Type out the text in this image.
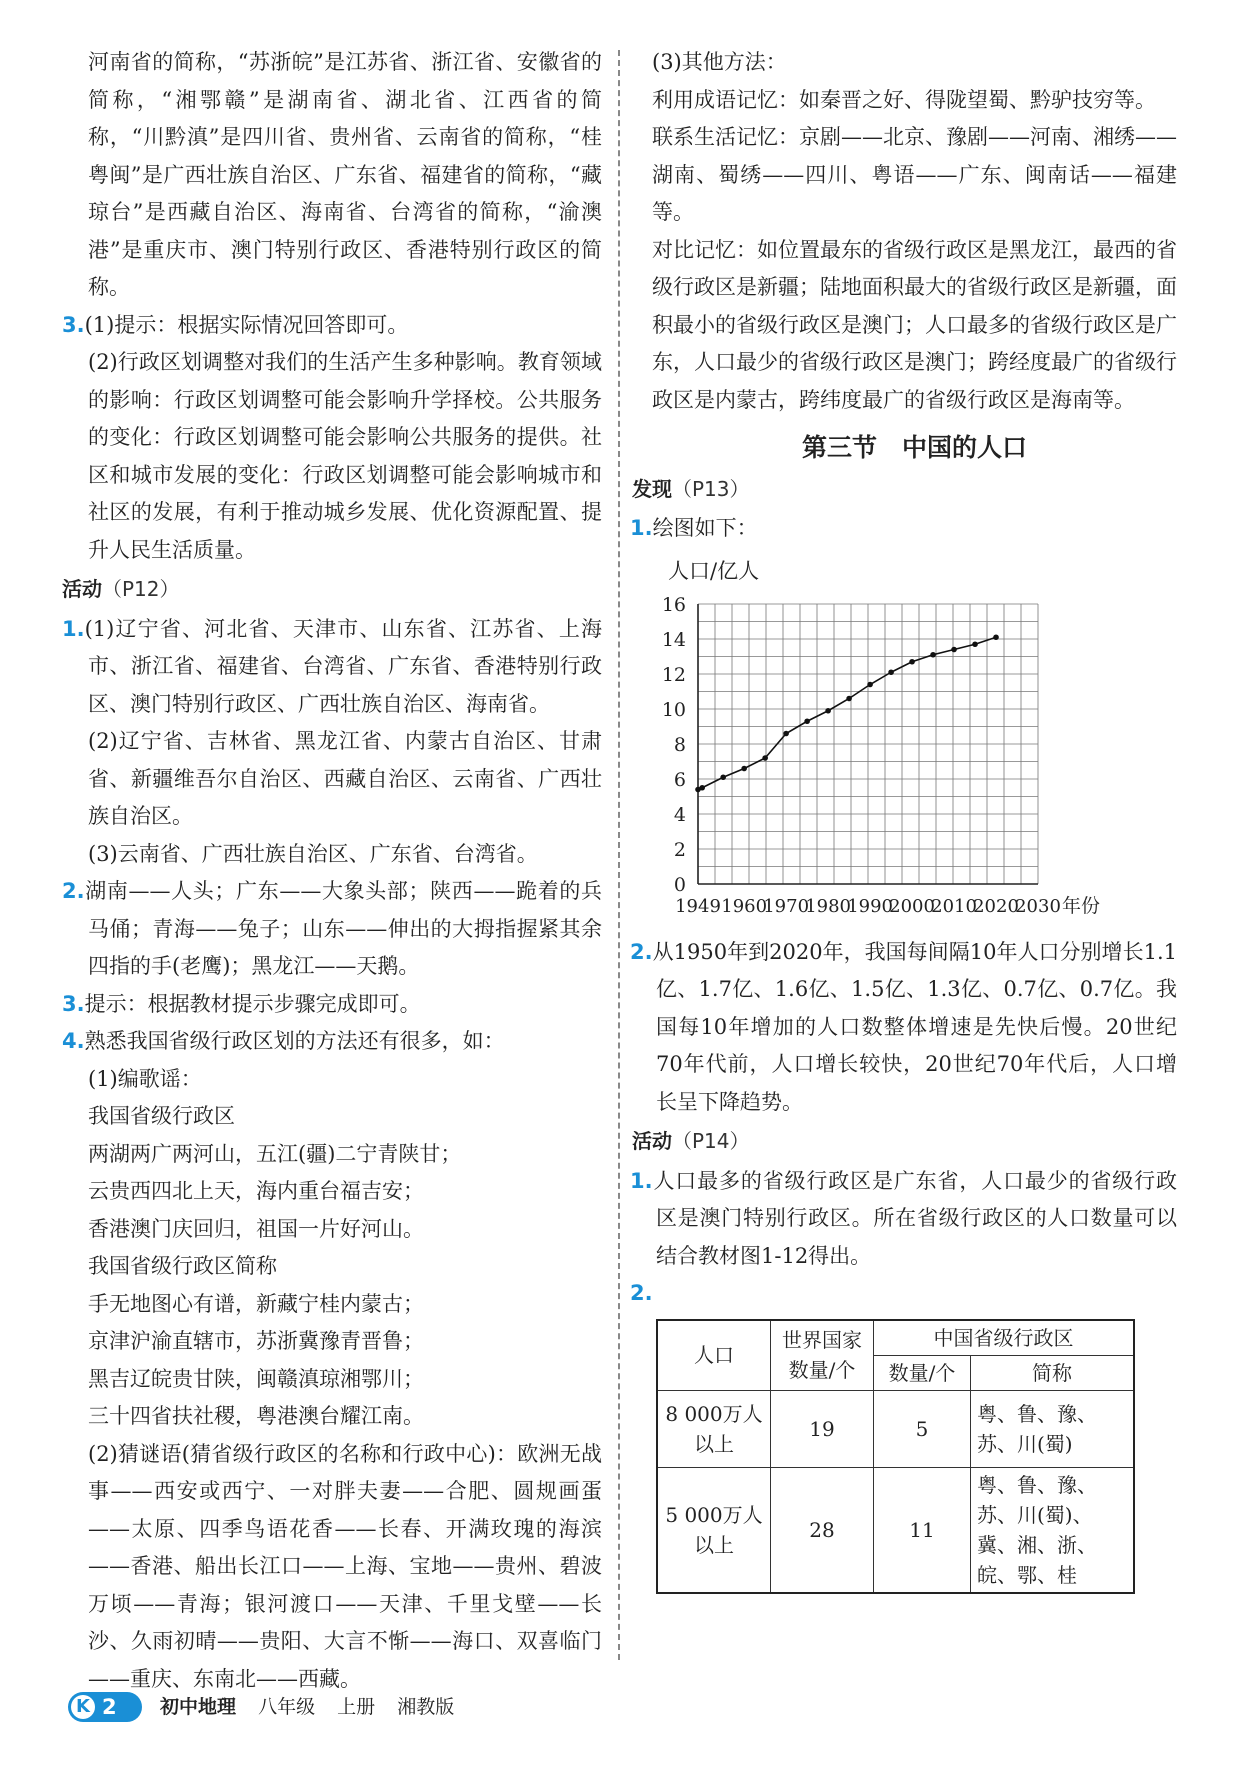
河南省的简称，“苏浙皖”是江苏省、浙江省、安徽省的简称，“湘鄂赣”是湖南省、湖北省、江西省的简称，“川黔滇”是四川省、贵州省、云南省的简称，“桂粤闽”是广西壮族自治区、广东省、福建省的简称，“藏琼台”是西藏自治区、海南省、台湾省的简称，“渝澳港”是重庆市、澳门特别行政区、香港特别行政区的简称。

3.(1)提示：根据实际情况回答即可。

(2)行政区划调整对我们的生活产生多种影响。教育领域的影响：行政区划调整可能会影响升学择校。公共服务的变化：行政区划调整可能会影响公共服务的提供。社区和城市发展的变化：行政区划调整可能会影响城市和社区的发展，有利于推动城乡发展、优化资源配置、提升人民生活质量。

活动（P12）

1.(1)辽宁省、河北省、天津市、山东省、江苏省、上海市、浙江省、福建省、台湾省、广东省、香港特别行政区、澳门特别行政区、广西壮族自治区、海南省。

(2)辽宁省、吉林省、黑龙江省、内蒙古自治区、甘肃省、新疆维吾尔自治区、西藏自治区、云南省、广西壮族自治区。

(3)云南省、广西壮族自治区、广东省、台湾省。

2.湖南——人头；广东——大象头部；陕西——跪着的兵马俑；青海——兔子；山东——伸出的大拇指握紧其余四指的手(老鹰)；黑龙江——天鹅。

3.提示：根据教材提示步骤完成即可。

4.熟悉我国省级行政区划的方法还有很多，如：

(1)编歌谣：

我国省级行政区

两湖两广两河山，五江(疆)二宁青陕甘；

云贵西四北上天，海内重台福吉安；

香港澳门庆回归，祖国一片好河山。

我国省级行政区简称

手无地图心有谱，新藏宁桂内蒙古；

京津沪渝直辖市，苏浙冀豫青晋鲁；

黑吉辽皖贵甘陕，闽赣滇琼湘鄂川；

三十四省扶社稷，粤港澳台耀江南。

(2)猜谜语(猜省级行政区的名称和行政中心)：欧洲无战事——西安或西宁、一对胖夫妻——合肥、圆规画蛋——太原、四季鸟语花香——长春、开满玫瑰的海滨——香港、船出长江口——上海、宝地——贵州、碧波万顷——青海；银河渡口——天津、千里戈壁——长沙、久雨初晴——贵阳、大言不惭——海口、双喜临门——重庆、东南北——西藏。

(3)其他方法：

利用成语记忆：如秦晋之好、得陇望蜀、黔驴技穷等。

联系生活记忆：京剧——北京、豫剧——河南、湘绣——湖南、蜀绣——四川、粤语——广东、闽南话——福建等。

对比记忆：如位置最东的省级行政区是黑龙江，最西的省级行政区是新疆；陆地面积最大的省级行政区是新疆，面积最小的省级行政区是澳门；人口最多的省级行政区是广东，人口最少的省级行政区是澳门；跨经度最广的省级行政区是内蒙古，跨纬度最广的省级行政区是海南等。

第三节　中国的人口
发现（P13）

1.绘图如下：

人口/亿人
16
14
12
10
8
6
4
2
0
1949 1960
1970
1980
1990
2000
2010
2020
2030 年份

2.从1950年到2020年，我国每间隔10年人口分别增长1.1亿、1.7亿、1.6亿、1.5亿、1.3亿、0.7亿、0.7亿。我国每10年增加的人口数整体增速是先快后慢。20世纪70年代前，人口增长较快，20世纪70年代后，人口增长呈下降趋势。

活动（P14）

1.人口最多的省级行政区是广东省，人口最少的省级行政区是澳门特别行政区。所在省级行政区的人口数量可以结合教材图1-12得出。

2.

人口	世界国家数量/个	中国省级行政区	
		数量/个	简称
8 000万人以上	19	5	粤、鲁、豫、苏、川(蜀)
5 000万人以上	28	11	粤、鲁、豫、苏、川(蜀)、冀、湘、浙、皖、鄂、桂
K 2 初中地理 八年级 上册 湘教版
